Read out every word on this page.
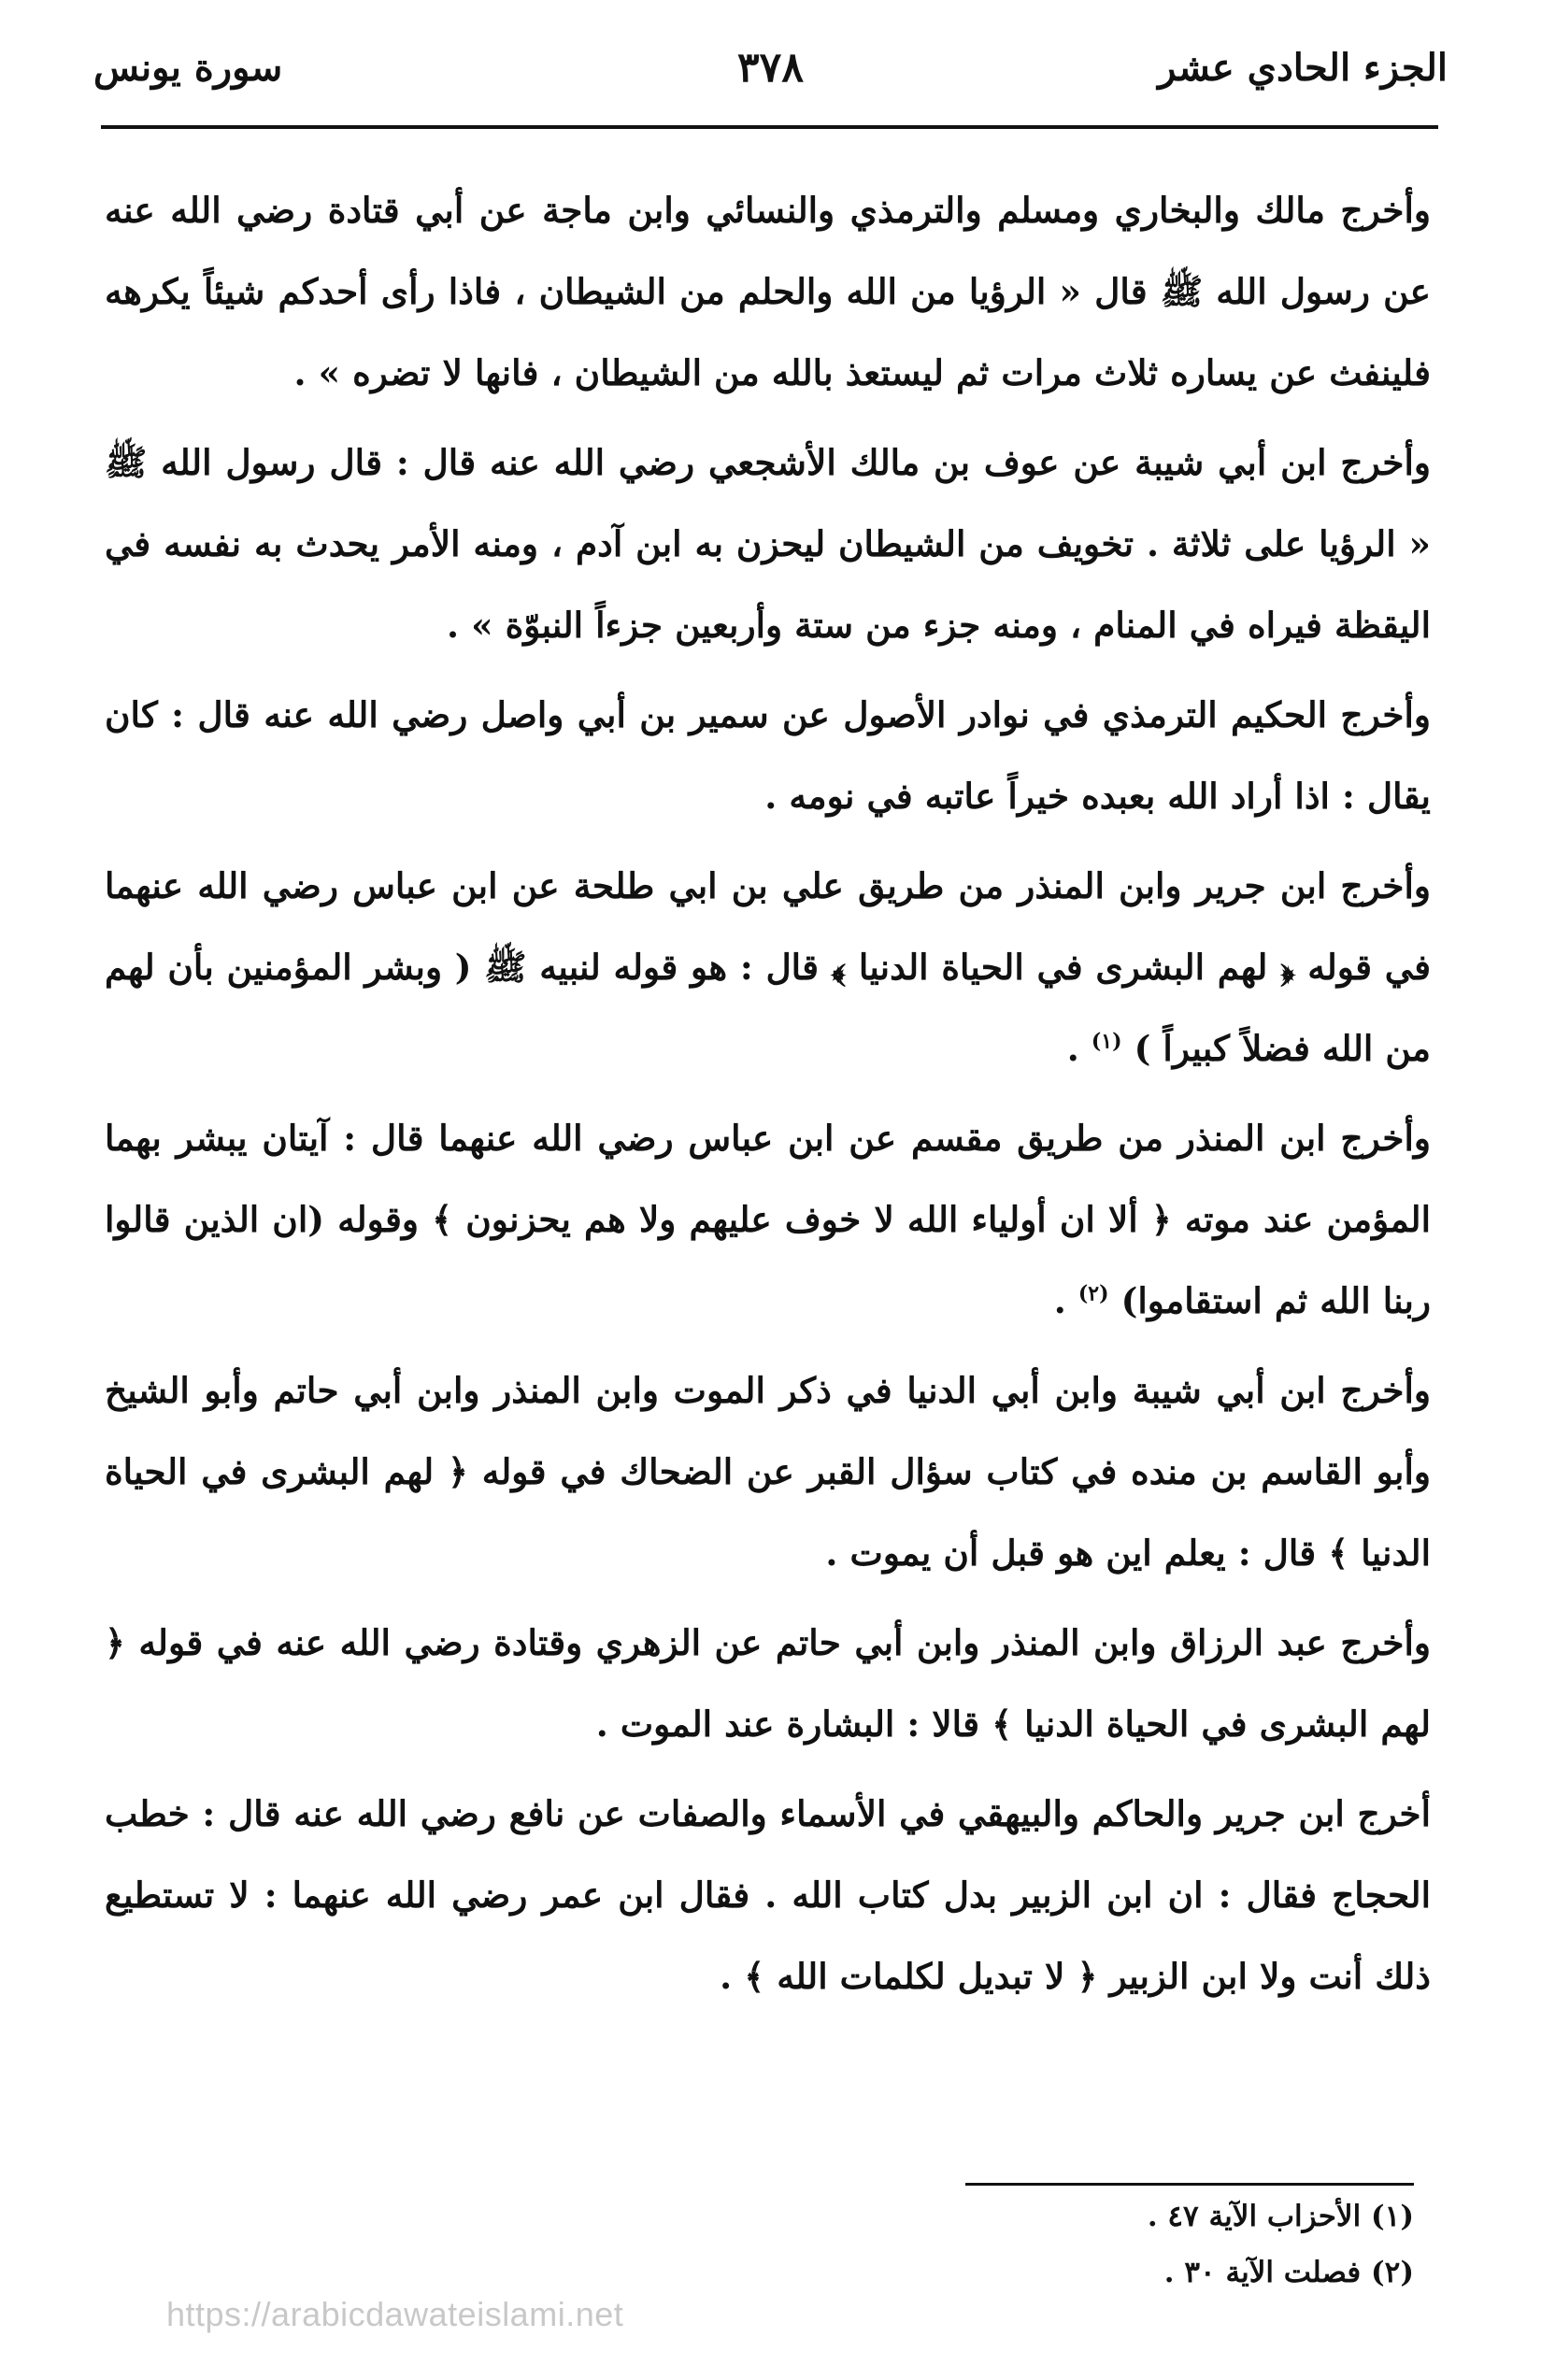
الجزء الحادي عشر
٣٧٨
سورة يونس

وأخرج مالك والبخاري ومسلم والترمذي والنسائي وابن ماجة عن أبي قتادة رضي الله عنه عن رسول الله ﷺ قال « الرؤيا من الله والحلم من الشيطان ، فاذا رأى أحدكم شيئاً يكرهه فلينفث عن يساره ثلاث مرات ثم ليستعذ بالله من الشيطان ، فانها لا تضره » .

وأخرج ابن أبي شيبة عن عوف بن مالك الأشجعي رضي الله عنه قال : قال رسول الله ﷺ « الرؤيا على ثلاثة . تخويف من الشيطان ليحزن به ابن آدم ، ومنه الأمر يحدث به نفسه في اليقظة فيراه في المنام ، ومنه جزء من ستة وأربعين جزءاً النبوّة » .

وأخرج الحكيم الترمذي في نوادر الأصول عن سمير بن أبي واصل رضي الله عنه قال : كان يقال : اذا أراد الله بعبده خيراً عاتبه في نومه .

وأخرج ابن جرير وابن المنذر من طريق علي بن ابي طلحة عن ابن عباس رضي الله عنهما في قوله ﴿ لهم البشرى في الحياة الدنيا ﴾ قال : هو قوله لنبيه ﷺ ( وبشر المؤمنين بأن لهم من الله فضلاً كبيراً ) $^{(١)}$ .

وأخرج ابن المنذر من طريق مقسم عن ابن عباس رضي الله عنهما قال : آيتان يبشر بهما المؤمن عند موته ﴿ ألا ان أولياء الله لا خوف عليهم ولا هم يحزنون ﴾ وقوله (ان الذين قالوا ربنا الله ثم استقاموا) $^{(٢)}$ .

وأخرج ابن أبي شيبة وابن أبي الدنيا في ذكر الموت وابن المنذر وابن أبي حاتم وأبو الشيخ وأبو القاسم بن منده في كتاب سؤال القبر عن الضحاك في قوله ﴿ لهم البشرى في الحياة الدنيا ﴾ قال : يعلم اين هو قبل أن يموت .

وأخرج عبد الرزاق وابن المنذر وابن أبي حاتم عن الزهري وقتادة رضي الله عنه في قوله ﴿ لهم البشرى في الحياة الدنيا ﴾ قالا : البشارة عند الموت .

أخرج ابن جرير والحاكم والبيهقي في الأسماء والصفات عن نافع رضي الله عنه قال : خطب الحجاج فقال : ان ابن الزبير بدل كتاب الله . فقال ابن عمر رضي الله عنهما : لا تستطيع ذلك أنت ولا ابن الزبير ﴿ لا تبديل لكلمات الله ﴾ .

(١) الأحزاب الآية ٤٧ .

(٢) فصلت الآية ٣٠ .

https://arabicdawateislami.net
